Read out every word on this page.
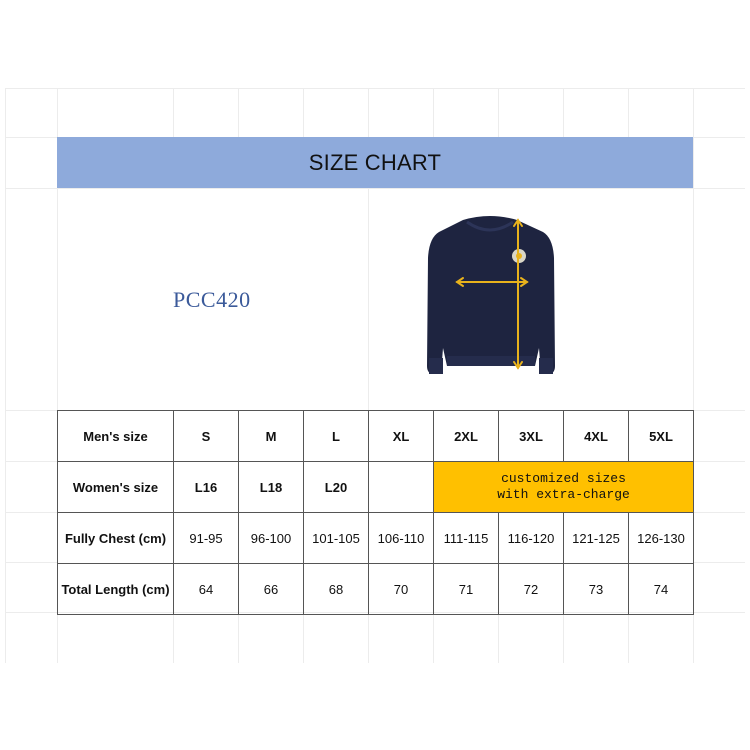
SIZE CHART
PCC420
Men's size	S	M	L	XL	2XL	3XL	4XL	5XL
Women's size	L16	L18	L20		customized sizes
with extra-charge			

Fully Chest (cm)	91-95	96-100	101-105	106-110	111-115	116-120	121-125	126-130
Total Length (cm)	64	66	68	70	71	72	73	74
